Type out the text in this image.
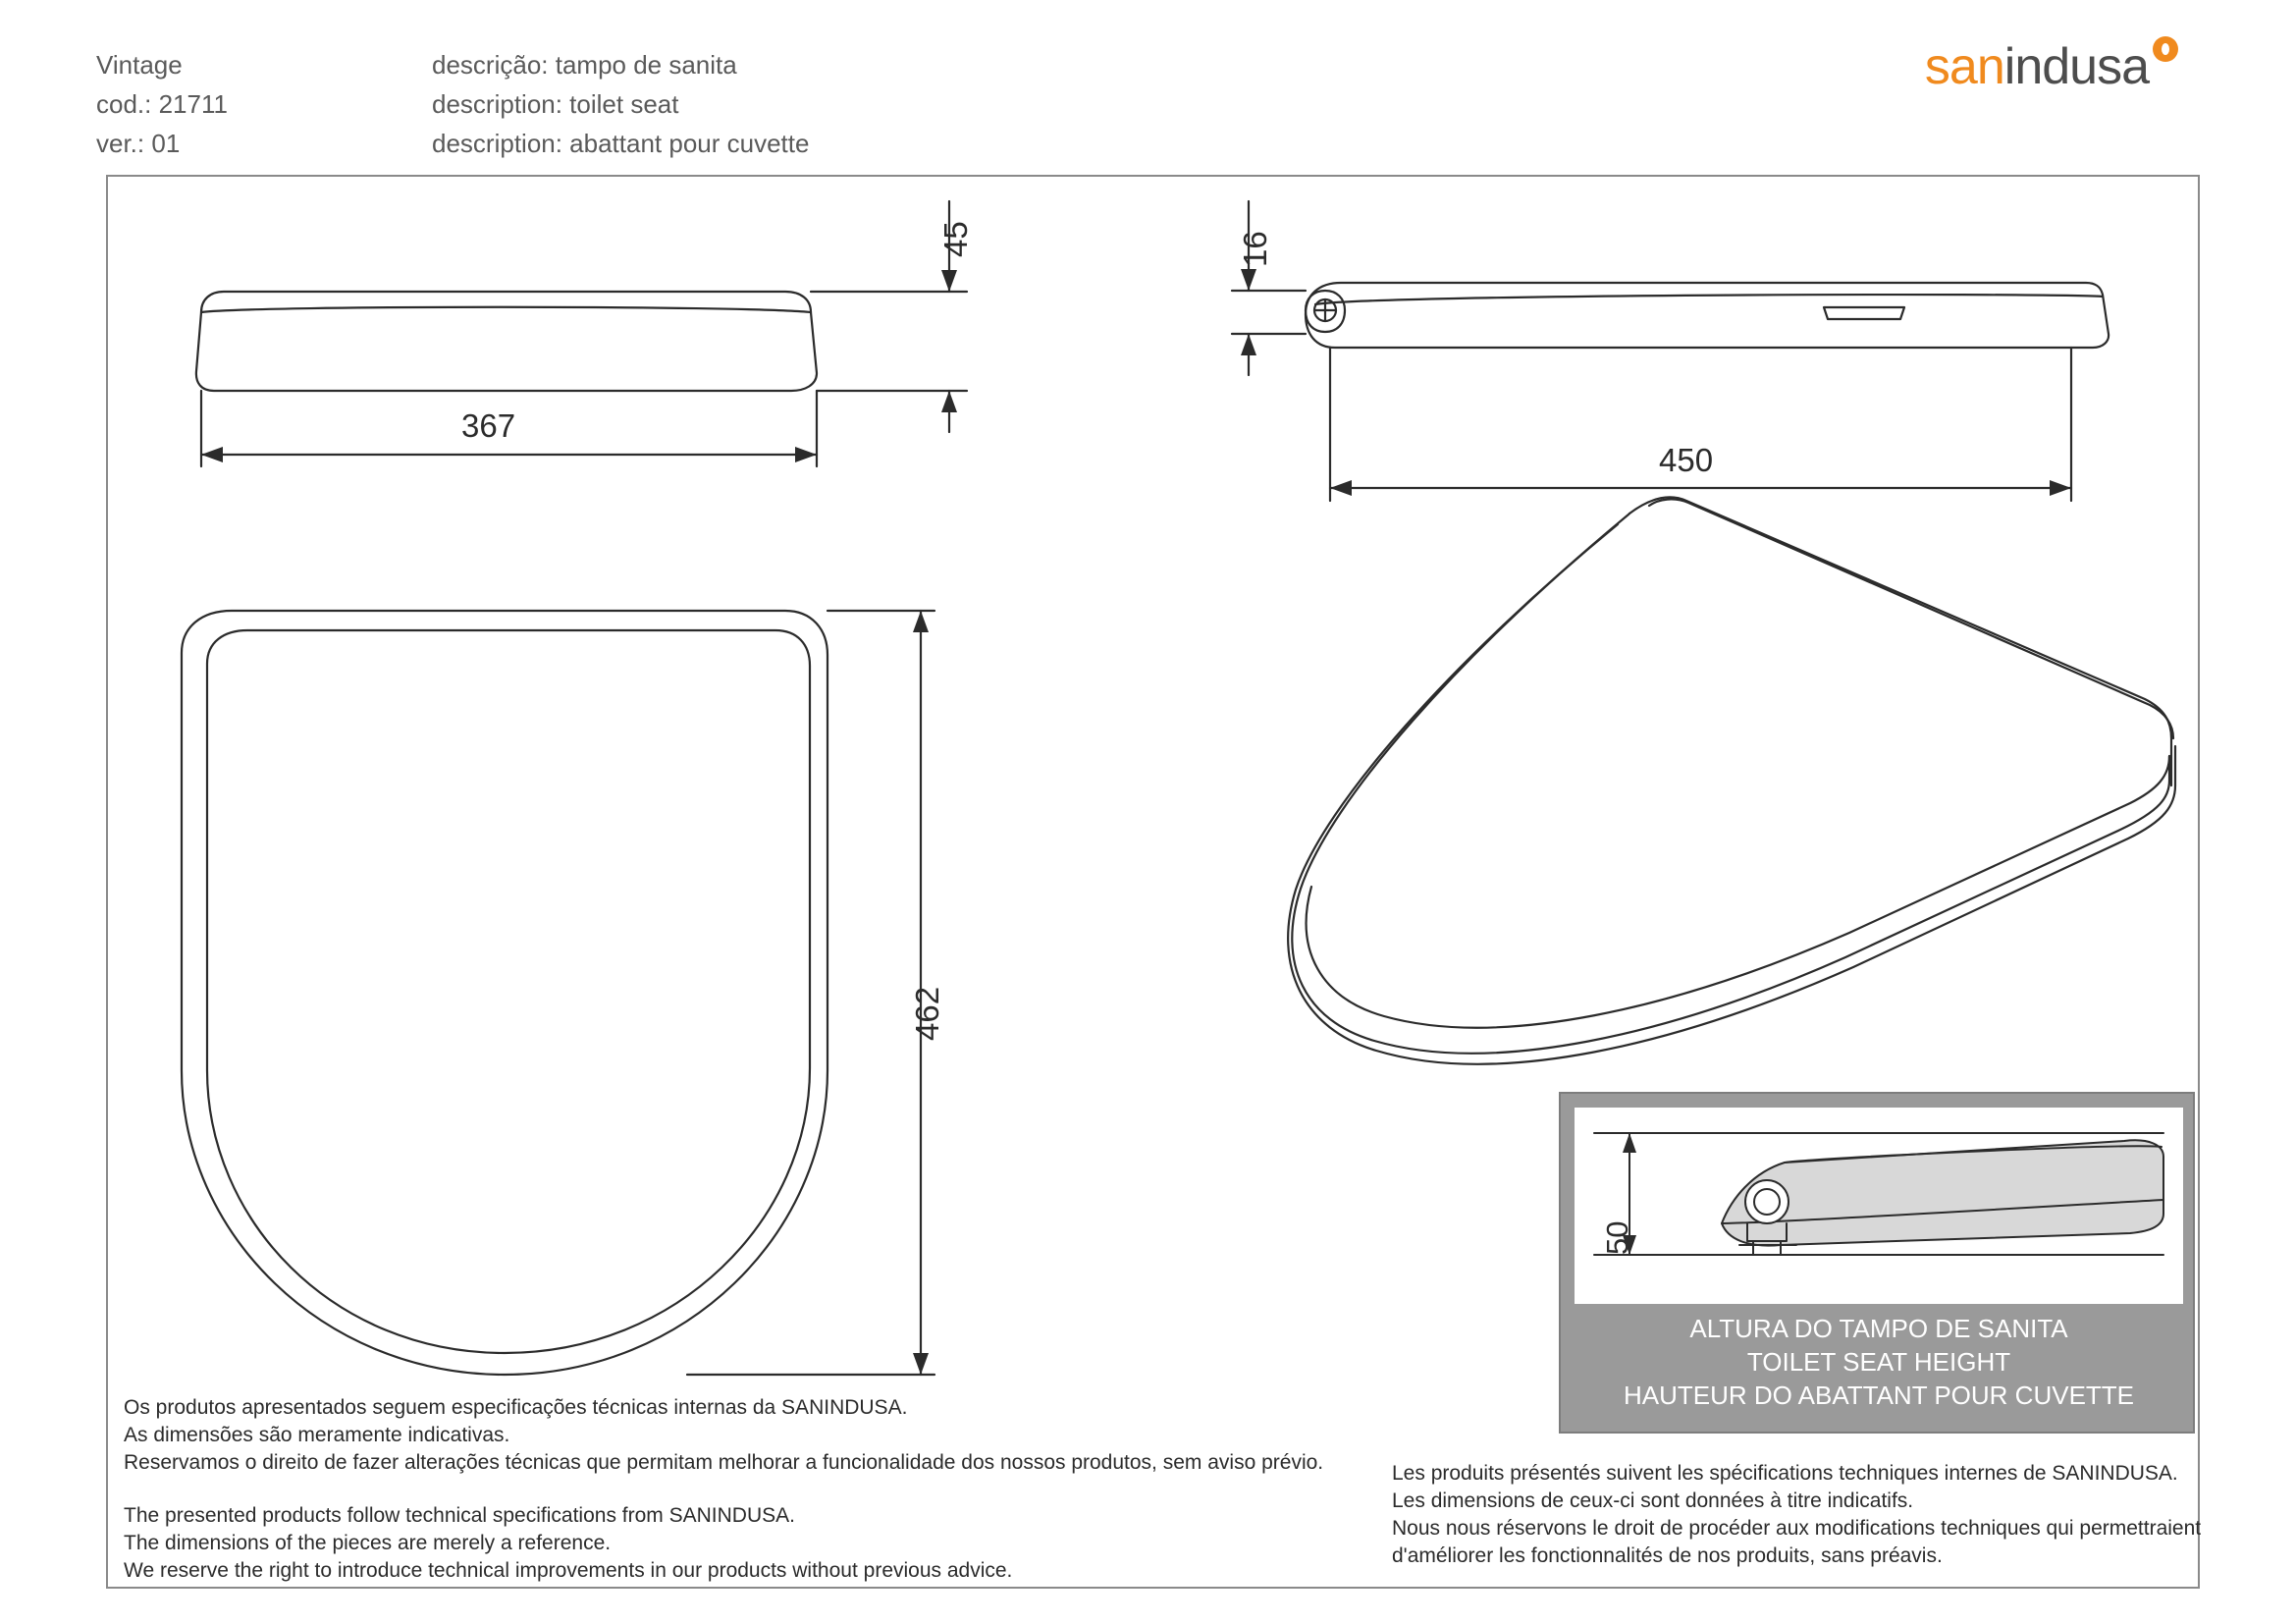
Vintage
cod.: 21711
ver.: 01
descrição: tampo de sanita
description: toilet seat
description: abattant pour cuvette
sanindusa
45	16
367
450
462
ALTURA DO TAMPO DE SANITA
TOILET SEAT HEIGHT
HAUTEUR DO ABATTANT POUR CUVETTE
50

Os produtos apresentados seguem especificações técnicas internas da SANINDUSA.

As dimensões são meramente indicativas.

Reservamos o direito de fazer alterações técnicas que permitam melhorar a funcionalidade dos nossos produtos, sem aviso prévio.

The presented products follow technical specifications from SANINDUSA.

The dimensions of the pieces are merely a reference.

We reserve the right to introduce technical improvements in our products without previous advice.

Les produits présentés suivent les spécifications techniques internes de SANINDUSA.

Les dimensions de ceux-ci sont données à titre indicatifs.

Nous nous réservons le droit de procéder aux modifications techniques qui permettraient

d'améliorer les fonctionnalités de nos produits, sans préavis.
